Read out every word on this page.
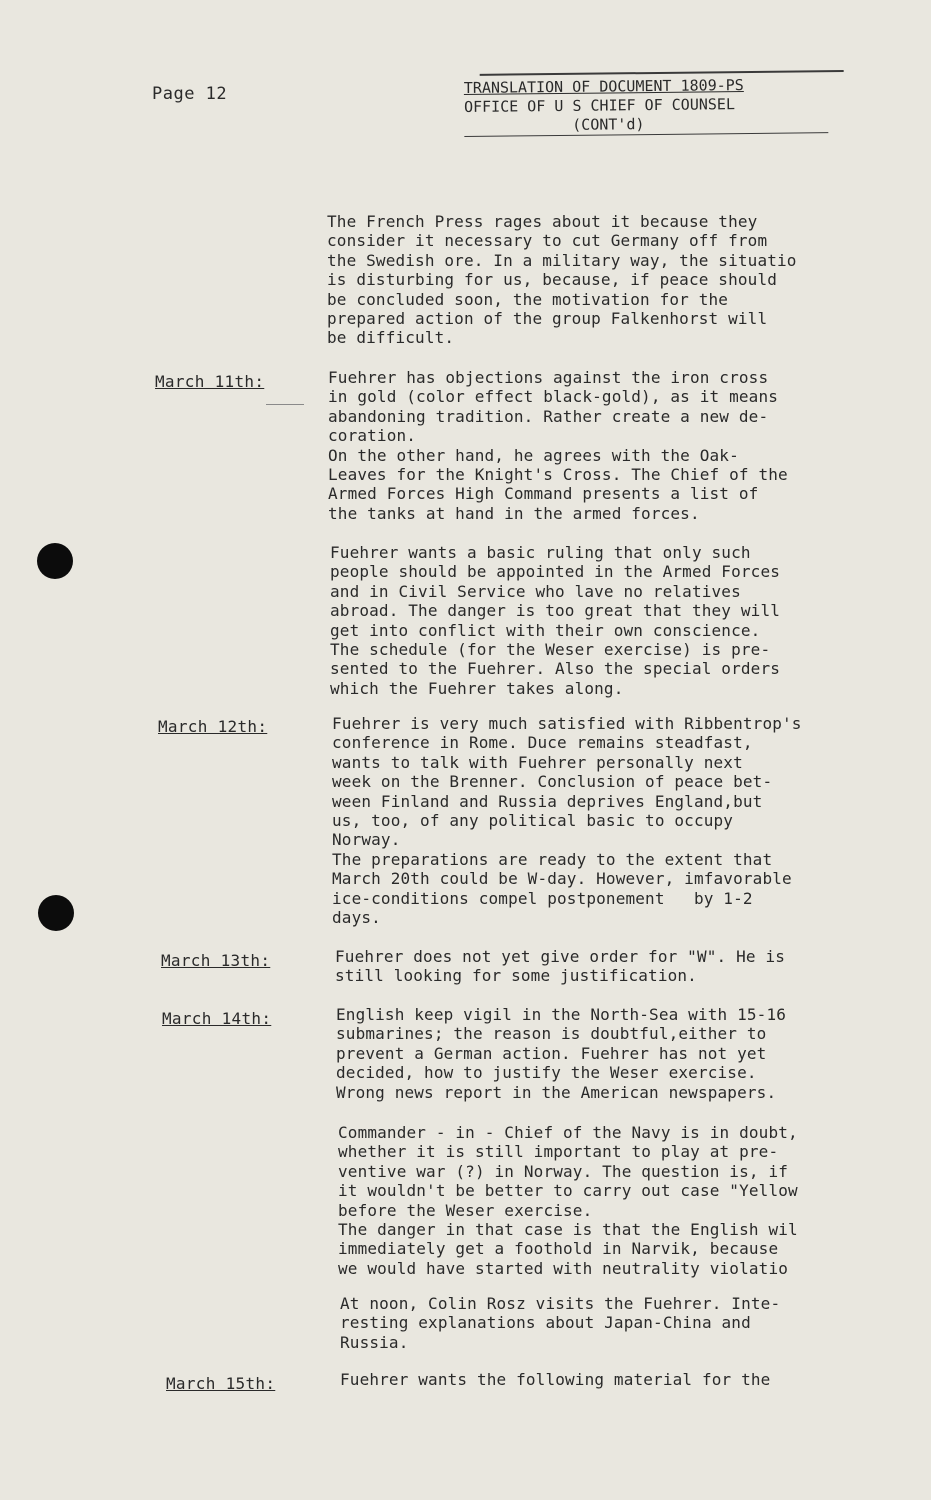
Page 12	TRANSLATION OF DOCUMENT 1809-PS
OFFICE OF U S CHIEF OF COUNSEL
(CONT'd)
The French Press rages about it because they
consider it necessary to cut Germany off from
the Swedish ore. In a military way, the situatio
is disturbing for us, because, if peace should
be concluded soon, the motivation for the
prepared action of the group Falkenhorst will
be difficult.
March 11th:	Fuehrer has objections against the iron cross
in gold (color effect black-gold), as it means
abandoning tradition. Rather create a new de-
coration.
On the other hand, he agrees with the Oak-
Leaves for the Knight's Cross. The Chief of the
Armed Forces High Command presents a list of
the tanks at hand in the armed forces.
Fuehrer wants a basic ruling that only such
people should be appointed in the Armed Forces
and in Civil Service who lave no relatives
abroad. The danger is too great that they will
get into conflict with their own conscience.
The schedule (for the Weser exercise) is pre-
sented to the Fuehrer. Also the special orders
which the Fuehrer takes along.
March 12th:	Fuehrer is very much satisfied with Ribbentrop's
conference in Rome. Duce remains steadfast,
wants to talk with Fuehrer personally next
week on the Brenner. Conclusion of peace bet-
ween Finland and Russia deprives England,but
us, too, of any political basic to occupy
Norway.
The preparations are ready to the extent that
March 20th could be W-day. However, imfavorable
ice-conditions compel postponement   by 1-2
days.
March 13th:	Fuehrer does not yet give order for "W". He is
still looking for some justification.
March 14th:	English keep vigil in the North-Sea with 15-16
submarines; the reason is doubtful,either to
prevent a German action. Fuehrer has not yet
decided, how to justify the Weser exercise.
Wrong news report in the American newspapers.
Commander - in - Chief of the Navy is in doubt,
whether it is still important to play at pre-
ventive war (?) in Norway. The question is, if
it wouldn't be better to carry out case "Yellow
before the Weser exercise.
The danger in that case is that the English wil
immediately get a foothold in Narvik, because
we would have started with neutrality violatio
At noon, Colin Rosz visits the Fuehrer. Inte-
resting explanations about Japan-China and
Russia.
March 15th:	Fuehrer wants the following material for the
